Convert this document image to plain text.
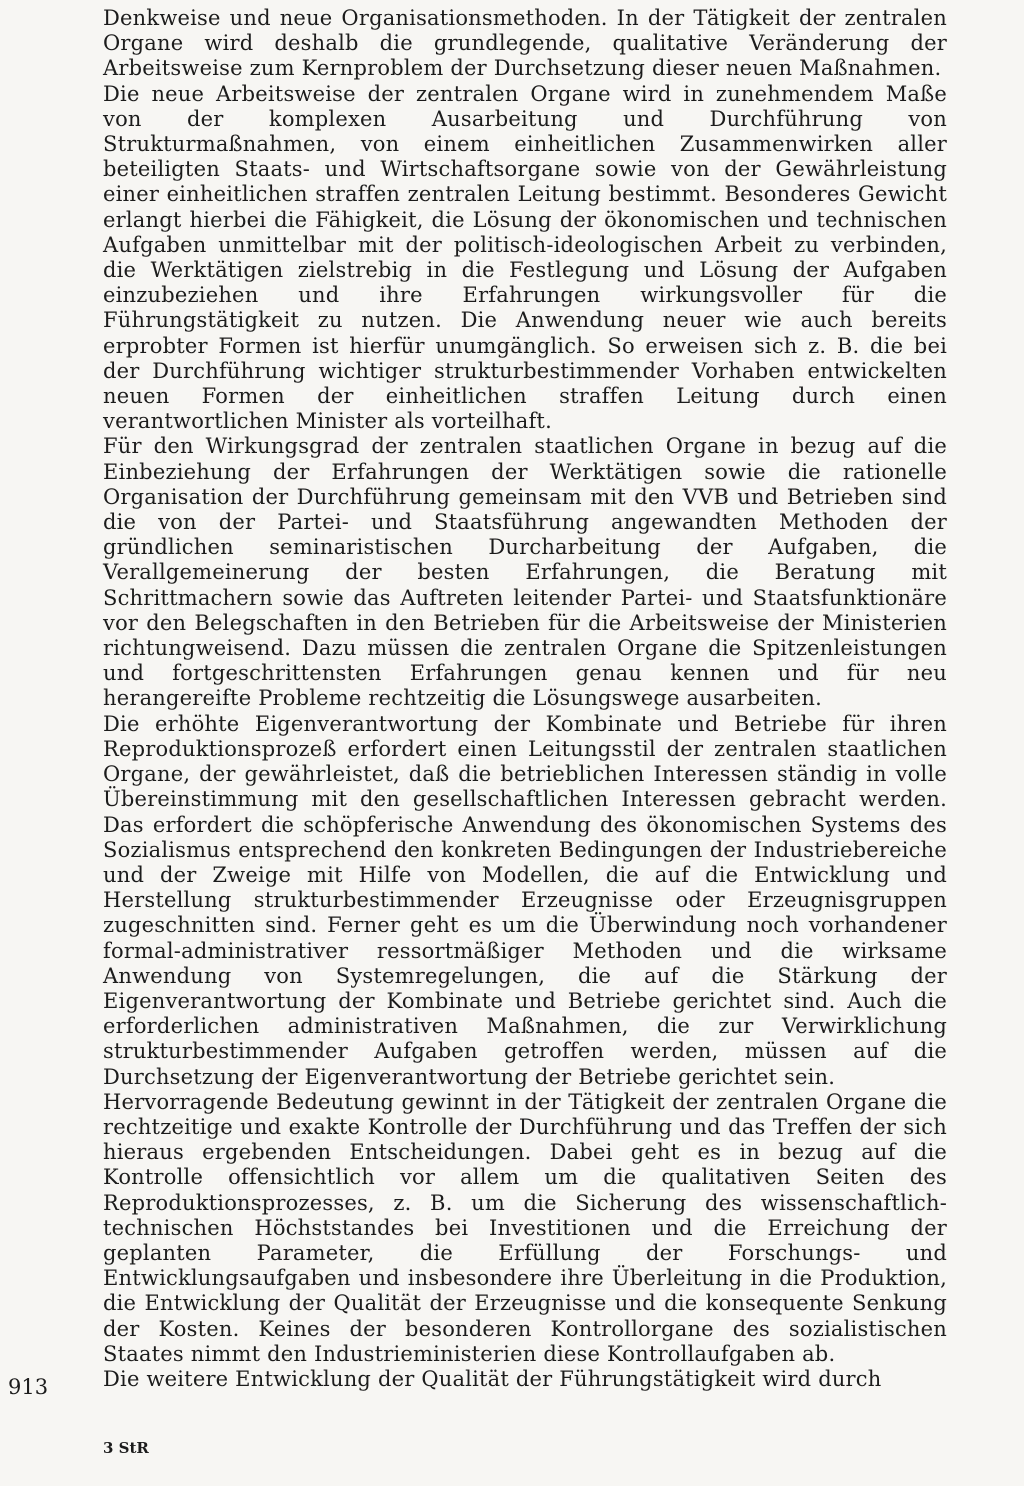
Denkweise und neue Organisationsmethoden. In der Tätigkeit der zentralen Organe wird deshalb die grundlegende, qualitative Veränderung der Arbeitsweise zum Kernproblem der Durchsetzung dieser neuen Maßnahmen.

Die neue Arbeitsweise der zentralen Organe wird in zunehmendem Maße von der komplexen Ausarbeitung und Durchführung von Strukturmaßnahmen, von einem einheitlichen Zusammenwirken aller beteiligten Staats- und Wirtschaftsorgane sowie von der Gewährleistung einer einheitlichen straffen zentralen Leitung bestimmt. Besonderes Gewicht erlangt hierbei die Fähigkeit, die Lösung der ökonomischen und technischen Aufgaben unmittelbar mit der politisch-ideologischen Arbeit zu verbinden, die Werktätigen zielstrebig in die Festlegung und Lösung der Aufgaben einzubeziehen und ihre Erfahrungen wirkungsvoller für die Führungstätigkeit zu nutzen. Die Anwendung neuer wie auch bereits erprobter Formen ist hierfür unumgänglich. So erweisen sich z. B. die bei der Durchführung wichtiger strukturbestimmender Vorhaben entwickelten neuen Formen der einheitlichen straffen Leitung durch einen verantwortlichen Minister als vorteilhaft.

Für den Wirkungsgrad der zentralen staatlichen Organe in bezug auf die Einbeziehung der Erfahrungen der Werktätigen sowie die rationelle Organisation der Durchführung gemeinsam mit den VVB und Betrieben sind die von der Partei- und Staatsführung angewandten Methoden der gründlichen seminaristischen Durcharbeitung der Aufgaben, die Verallgemeinerung der besten Erfahrungen, die Beratung mit Schrittmachern sowie das Auftreten leitender Partei- und Staatsfunktionäre vor den Belegschaften in den Betrieben für die Arbeitsweise der Ministerien richtungweisend. Dazu müssen die zentralen Organe die Spitzenleistungen und fortgeschrittensten Erfahrungen genau kennen und für neu herangereifte Probleme rechtzeitig die Lösungswege ausarbeiten.

Die erhöhte Eigenverantwortung der Kombinate und Betriebe für ihren Reproduktionsprozeß erfordert einen Leitungsstil der zentralen staatlichen Organe, der gewährleistet, daß die betrieblichen Interessen ständig in volle Übereinstimmung mit den gesellschaftlichen Interessen gebracht werden. Das erfordert die schöpferische Anwendung des ökonomischen Systems des Sozialismus entsprechend den konkreten Bedingungen der Industriebereiche und der Zweige mit Hilfe von Modellen, die auf die Entwicklung und Herstellung strukturbestimmender Erzeugnisse oder Erzeugnisgruppen zugeschnitten sind. Ferner geht es um die Überwindung noch vorhandener formal-administrativer ressortmäßiger Methoden und die wirksame Anwendung von Systemregelungen, die auf die Stärkung der Eigenverantwortung der Kombinate und Betriebe gerichtet sind. Auch die erforderlichen administrativen Maßnahmen, die zur Verwirklichung strukturbestimmender Aufgaben getroffen werden, müssen auf die Durchsetzung der Eigenverantwortung der Betriebe gerichtet sein.

Hervorragende Bedeutung gewinnt in der Tätigkeit der zentralen Organe die rechtzeitige und exakte Kontrolle der Durchführung und das Treffen der sich hieraus ergebenden Entscheidungen. Dabei geht es in bezug auf die Kontrolle offensichtlich vor allem um die qualitativen Seiten des Reproduktionsprozesses, z. B. um die Sicherung des wissenschaftlich-technischen Höchststandes bei Investitionen und die Erreichung der geplanten Parameter, die Erfüllung der Forschungs- und Entwicklungsaufgaben und insbesondere ihre Überleitung in die Produktion, die Entwicklung der Qualität der Erzeugnisse und die konsequente Senkung der Kosten. Keines der besonderen Kontrollorgane des sozialistischen Staates nimmt den Industrieministerien diese Kontrollaufgaben ab.

Die weitere Entwicklung der Qualität der Führungstätigkeit wird durch

913
3 StR
